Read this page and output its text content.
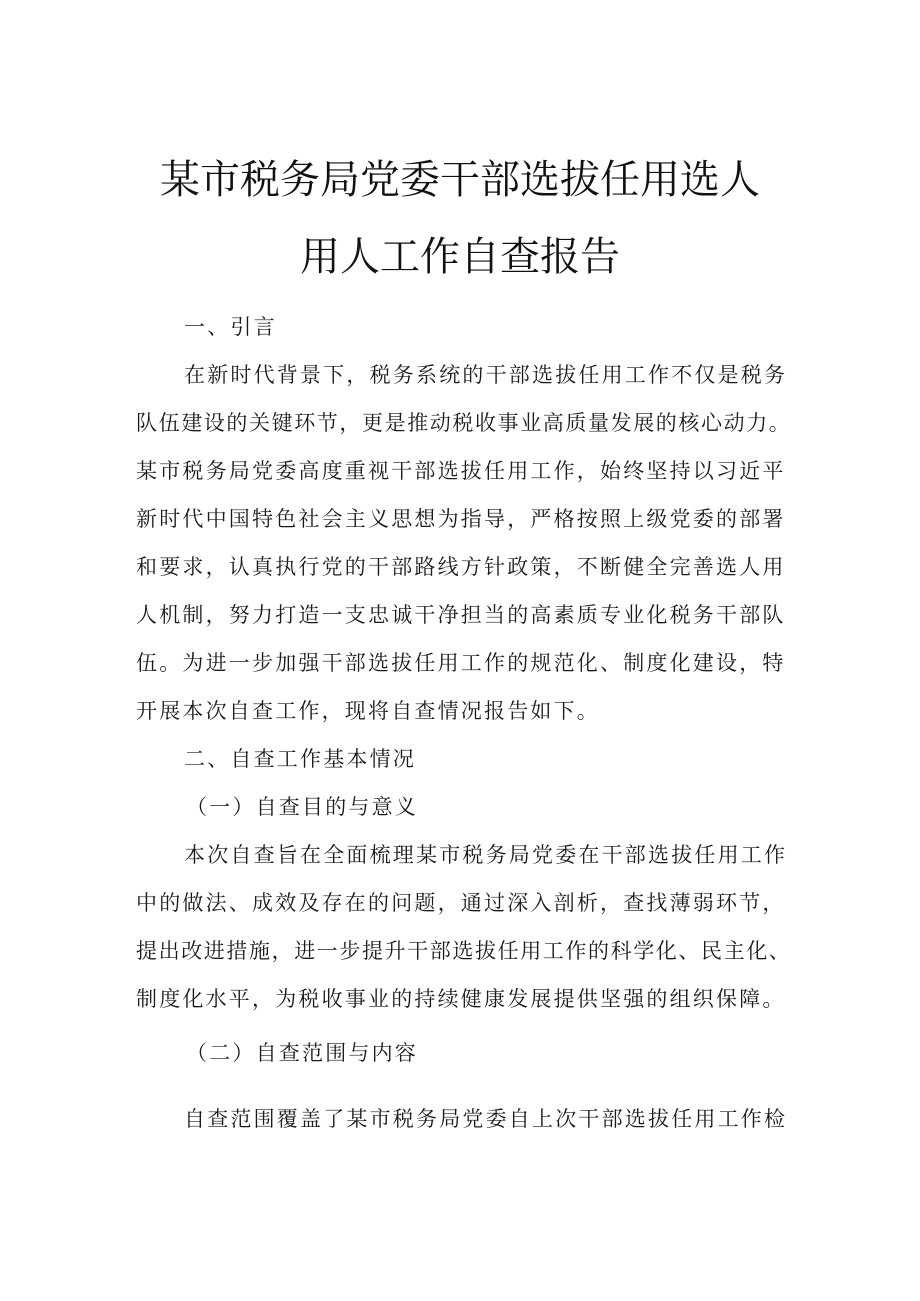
某市税务局党委干部选拔任用选人
用人工作自查报告

一、引言

在新时代背景下，税务系统的干部选拔任用工作不仅是税务

队伍建设的关键环节，更是推动税收事业高质量发展的核心动力。

某市税务局党委高度重视干部选拔任用工作，始终坚持以习近平

新时代中国特色社会主义思想为指导，严格按照上级党委的部署

和要求，认真执行党的干部路线方针政策，不断健全完善选人用

人机制，努力打造一支忠诚干净担当的高素质专业化税务干部队

伍。为进一步加强干部选拔任用工作的规范化、制度化建设，特

开展本次自查工作，现将自查情况报告如下。

二、自查工作基本情况

（一）自查目的与意义

本次自查旨在全面梳理某市税务局党委在干部选拔任用工作

中的做法、成效及存在的问题，通过深入剖析，查找薄弱环节，

提出改进措施，进一步提升干部选拔任用工作的科学化、民主化、

制度化水平，为税收事业的持续健康发展提供坚强的组织保障。

（二）自查范围与内容

自查范围覆盖了某市税务局党委自上次干部选拔任用工作检
